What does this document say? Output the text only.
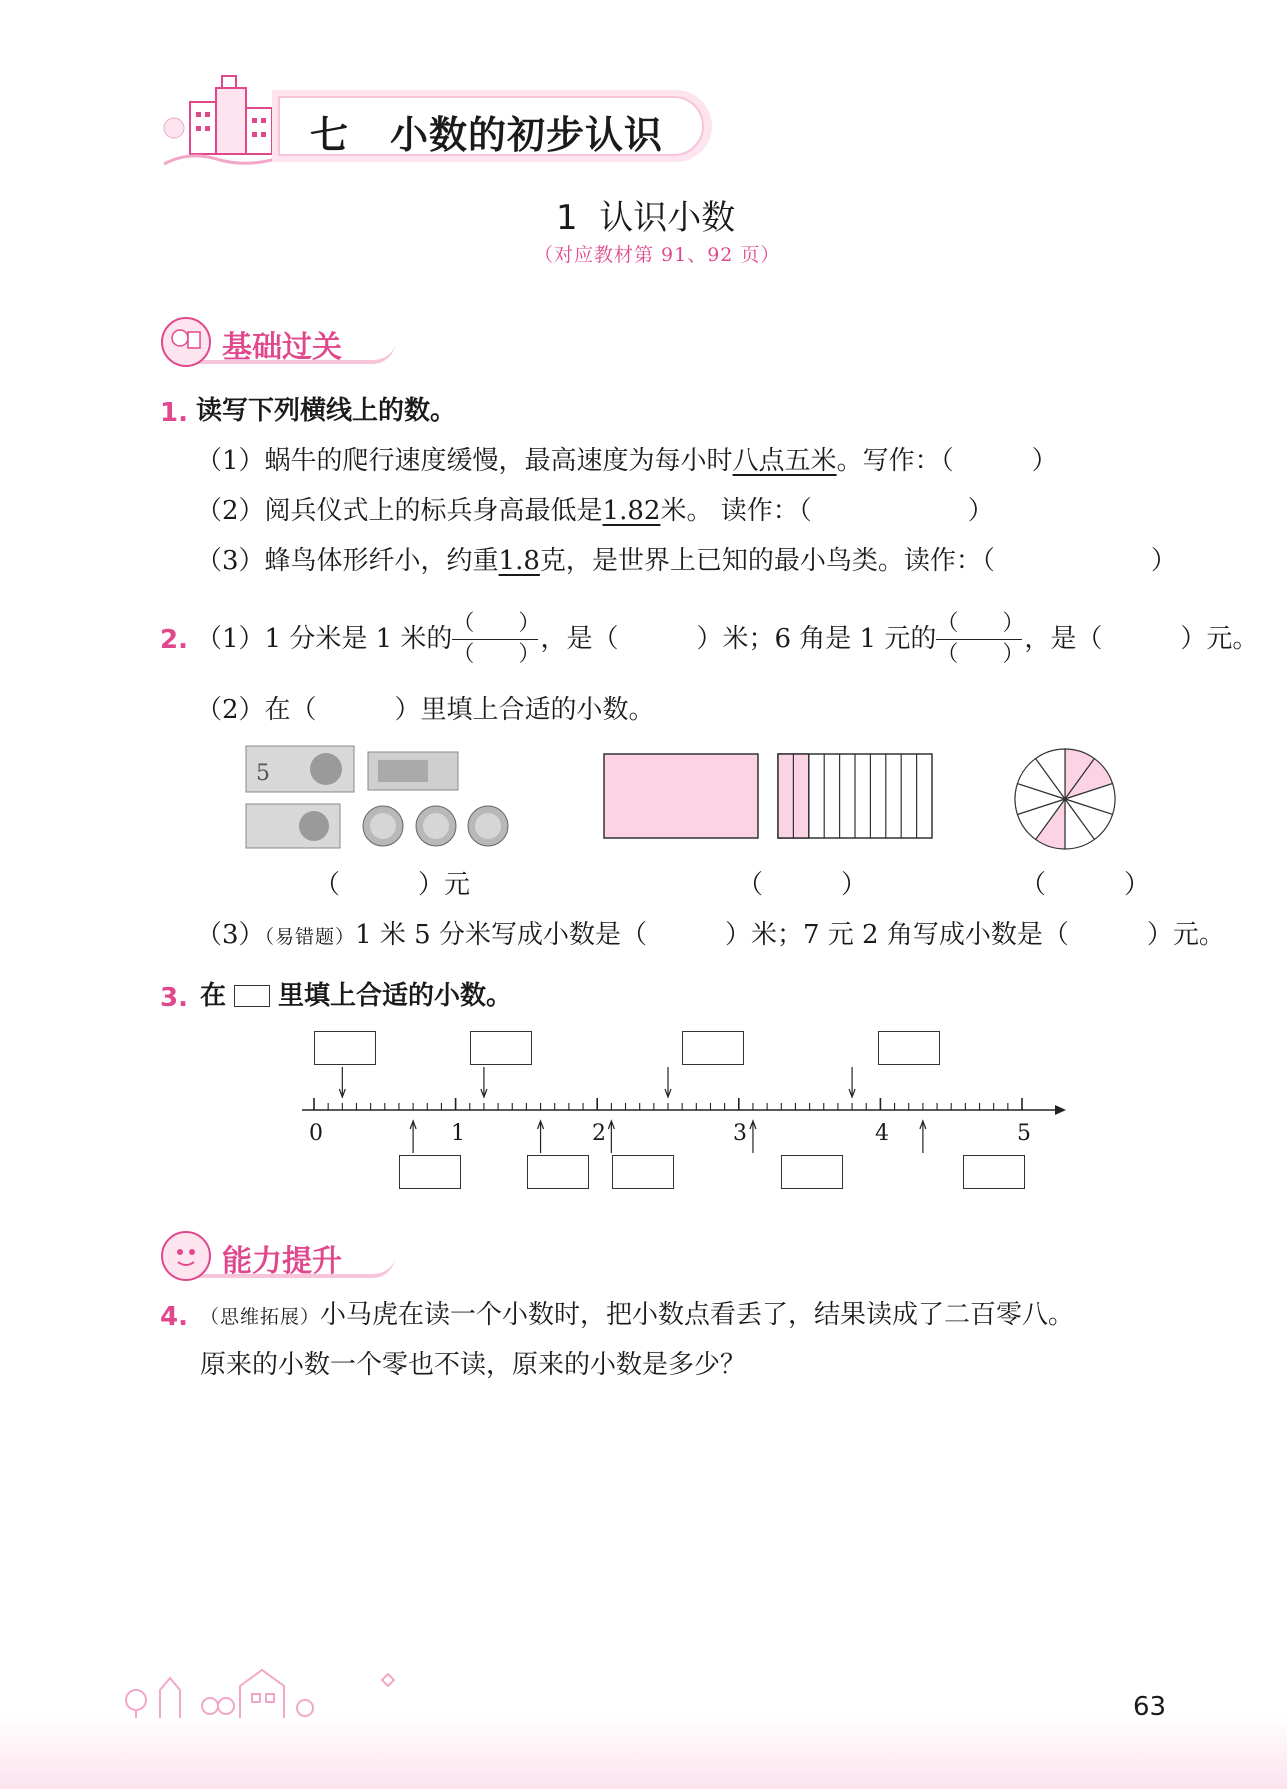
七 小数的初步认识
1  认识小数
（对应教材第 91、92 页）
基础过关
1. 读写下列横线上的数。
（1）蜗牛的爬行速度缓慢，最高速度为每小时八点五米。写作：（　　　）
（2）阅兵仪式上的标兵身高最低是1.82米。 读作：（　　　　　　）
（3）蜂鸟体形纤小，约重1.8克，是世界上已知的最小鸟类。读作：（　　　　　　）
2. （1）1 分米是 1 米的 $\frac{( )}{( )}$ ，是（　　　）米；6 角是 1 元的 $\frac{( )}{( )}$ ，是（　　　）元。
（2）在（　　　）里填上合适的小数。
5
（　　　）元	（　　　）	（　　　）
（3）（易错题）1 米 5 分米写成小数是（　　　）米；7 元 2 角写成小数是（　　　）元。
3. 在 里填上合适的小数。
0	1	2	3	4	5
能力提升
4. （思维拓展）小马虎在读一个小数时，把小数点看丢了，结果读成了二百零八。
原来的小数一个零也不读，原来的小数是多少？
63
